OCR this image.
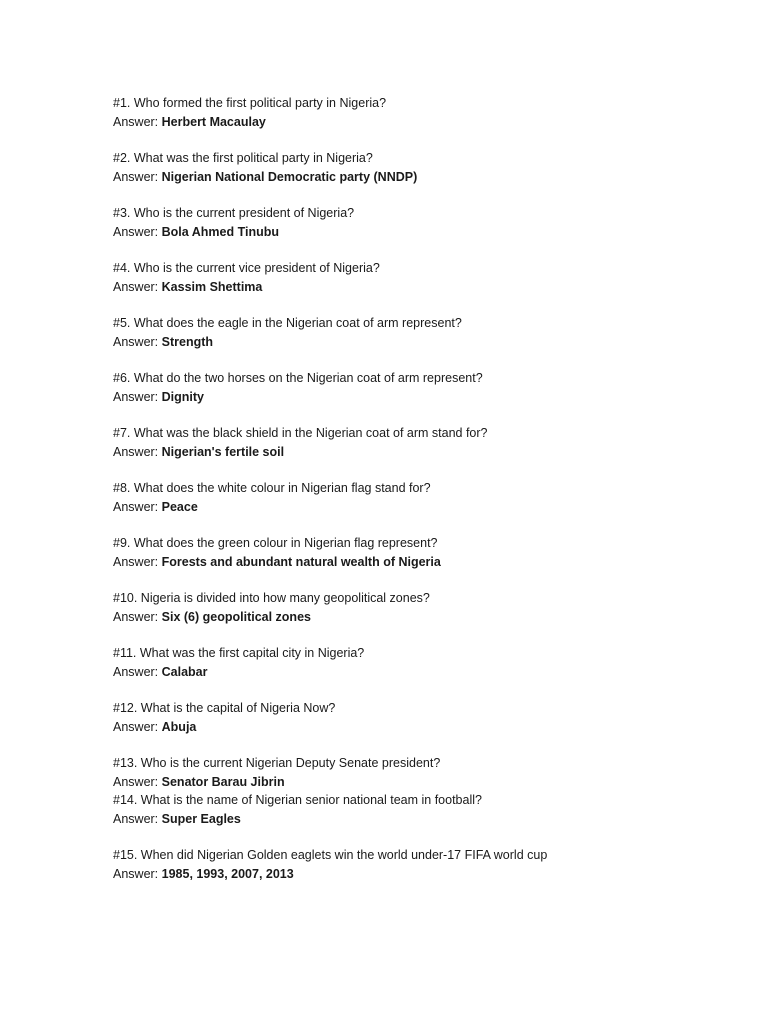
#1. Who formed the first political party in Nigeria?
Answer: Herbert Macaulay
#2. What was the first political party in Nigeria?
Answer: Nigerian National Democratic party (NNDP)
#3. Who is the current president of Nigeria?
Answer: Bola Ahmed Tinubu
#4. Who is the current vice president of Nigeria?
Answer: Kassim Shettima
#5. What does the eagle in the Nigerian coat of arm represent?
Answer: Strength
#6. What do the two horses on the Nigerian coat of arm represent?
Answer: Dignity
#7. What was the black shield in the Nigerian coat of arm stand for?
Answer: Nigerian's fertile soil
#8. What does the white colour in Nigerian flag stand for?
Answer: Peace
#9. What does the green colour in Nigerian flag represent?
Answer: Forests and abundant natural wealth of Nigeria
#10. Nigeria is divided into how many geopolitical zones?
Answer: Six (6) geopolitical zones
#11. What was the first capital city in Nigeria?
Answer: Calabar
#12. What is the capital of Nigeria Now?
Answer: Abuja
#13. Who is the current Nigerian Deputy Senate president?
Answer: Senator Barau Jibrin
#14. What is the name of Nigerian senior national team in football?
Answer: Super Eagles
#15. When did Nigerian Golden eaglets win the world under-17 FIFA world cup
Answer: 1985, 1993, 2007, 2013
